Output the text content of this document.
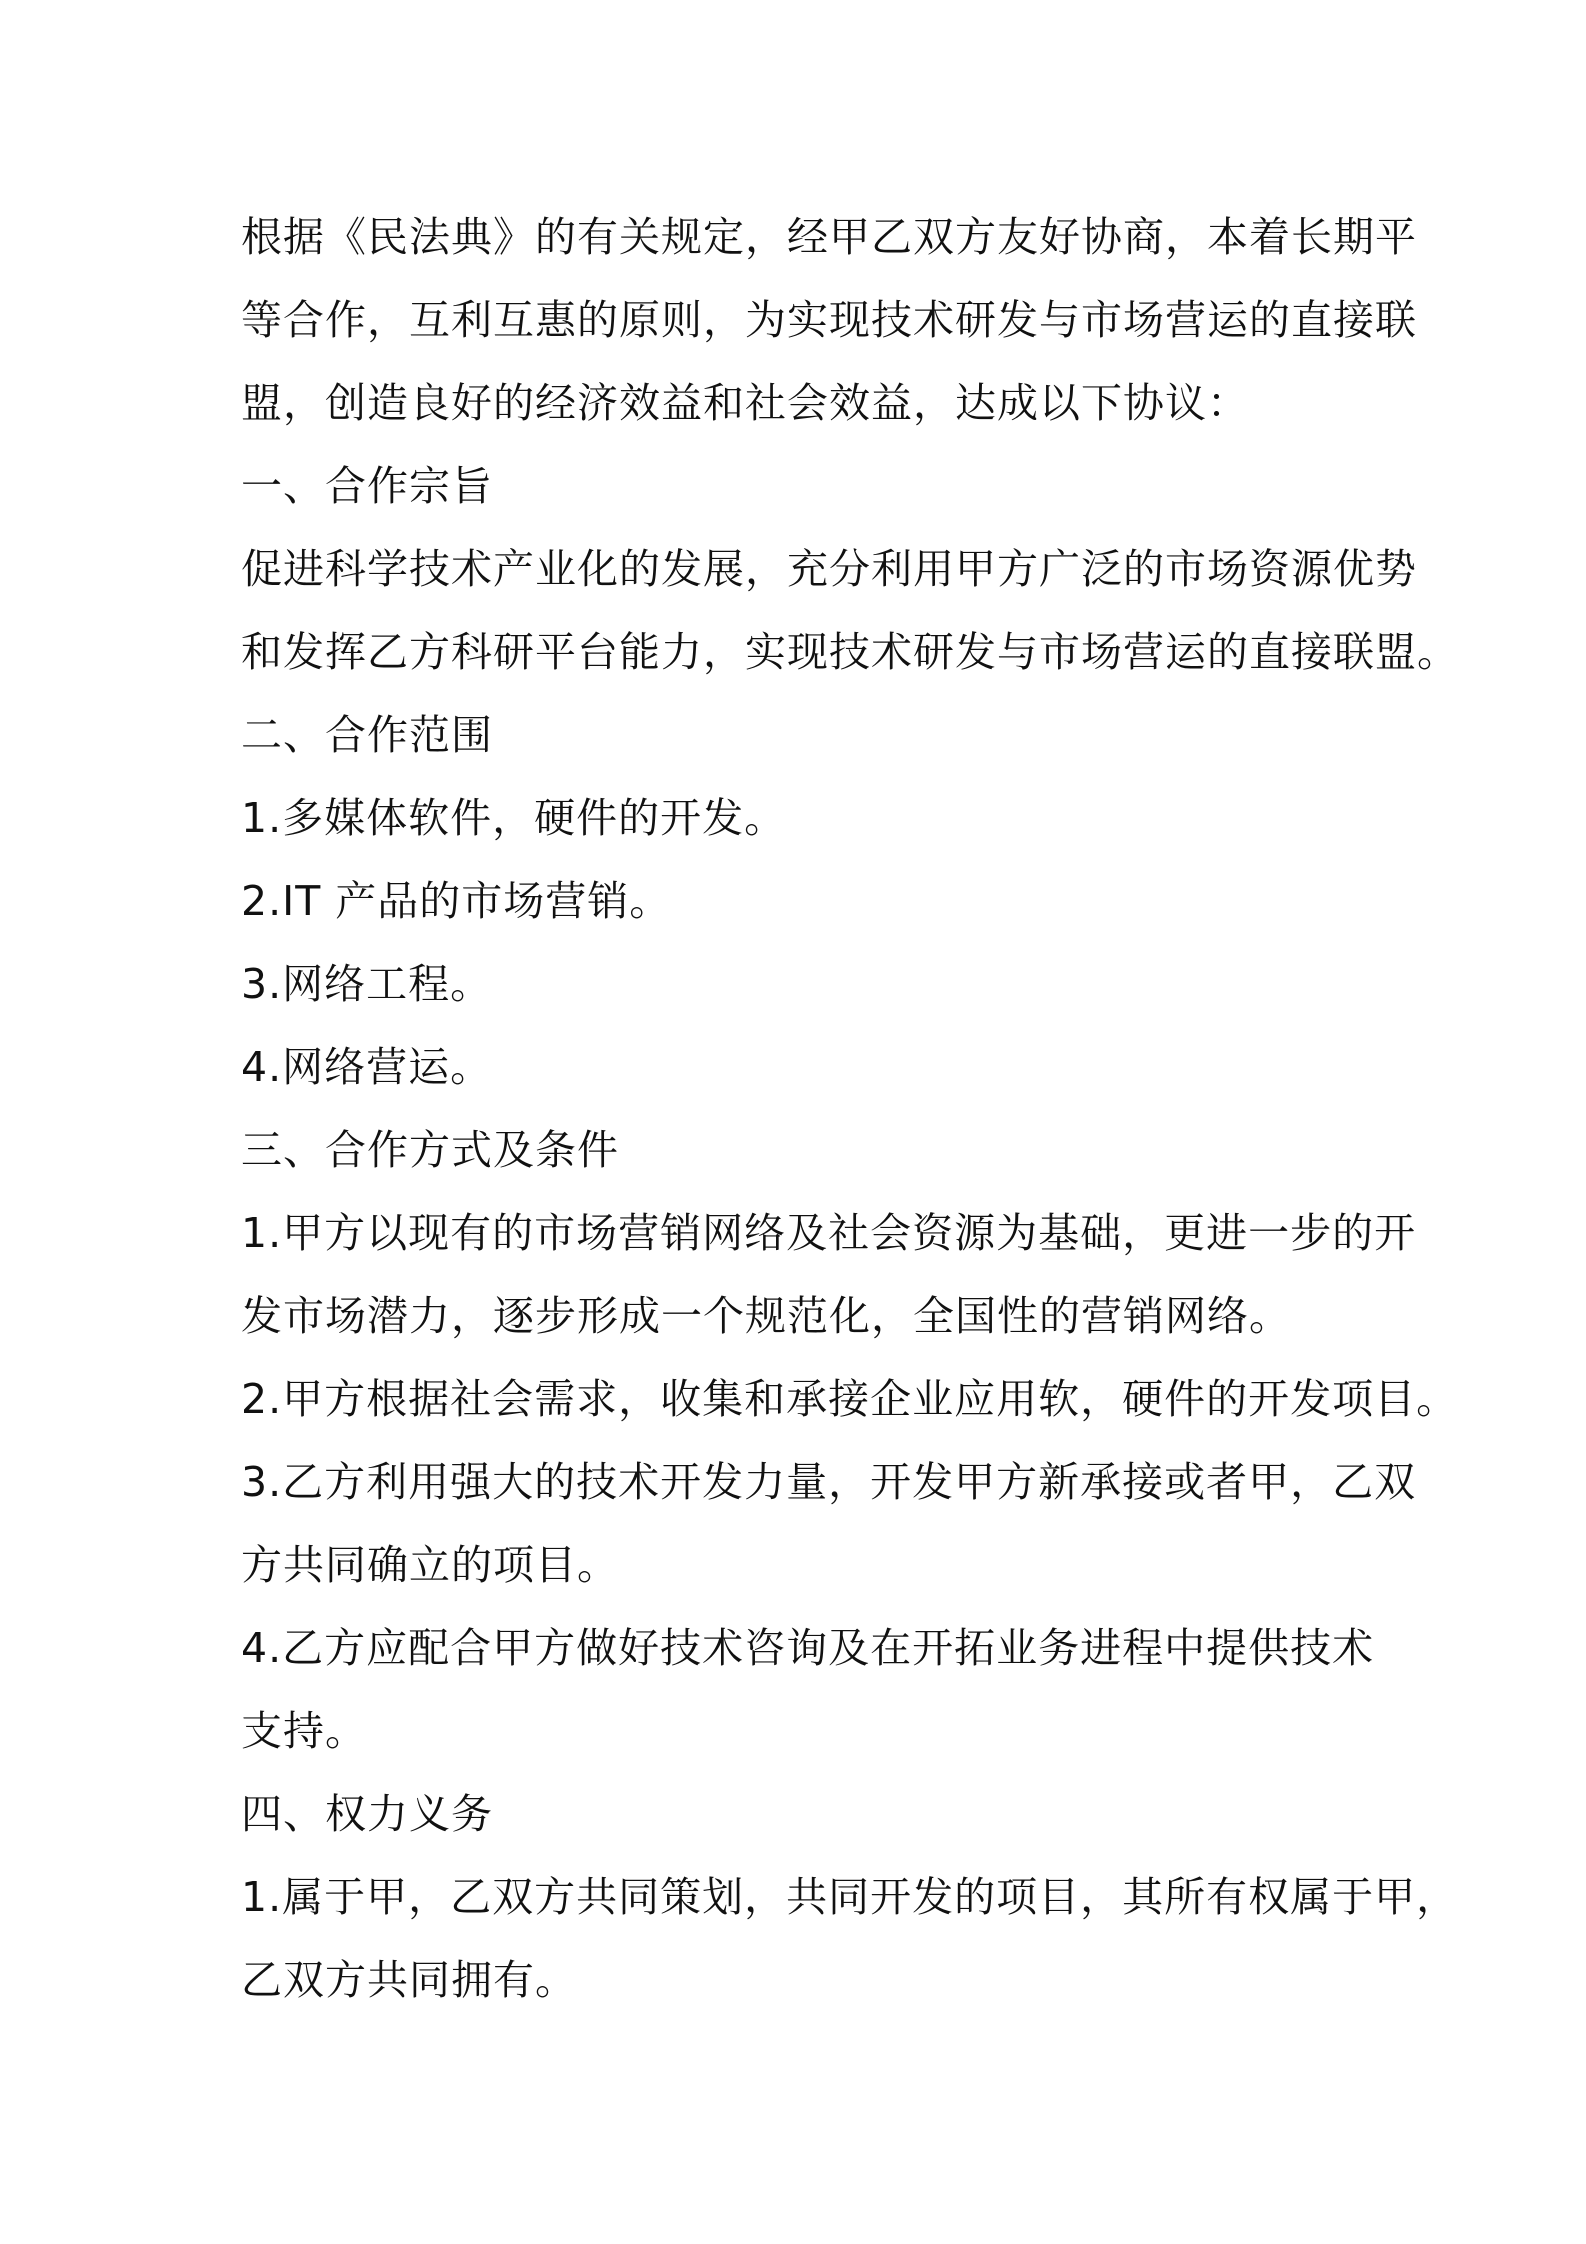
根据《民法典》的有关规定，经甲乙双方友好协商，本着长期平
等合作，互利互惠的原则，为实现技术研发与市场营运的直接联
盟，创造良好的经济效益和社会效益，达成以下协议：
一、合作宗旨
促进科学技术产业化的发展，充分利用甲方广泛的市场资源优势
和发挥乙方科研平台能力，实现技术研发与市场营运的直接联盟。
二、合作范围
1.多媒体软件，硬件的开发。
2.IT 产品的市场营销。
3.网络工程。
4.网络营运。
三、合作方式及条件
1.甲方以现有的市场营销网络及社会资源为基础，更进一步的开
发市场潜力，逐步形成一个规范化，全国性的营销网络。
2.甲方根据社会需求，收集和承接企业应用软，硬件的开发项目。
3.乙方利用强大的技术开发力量，开发甲方新承接或者甲，乙双
方共同确立的项目。
4.乙方应配合甲方做好技术咨询及在开拓业务进程中提供技术
支持。
四、权力义务
1.属于甲，乙双方共同策划，共同开发的项目，其所有权属于甲，
乙双方共同拥有。
